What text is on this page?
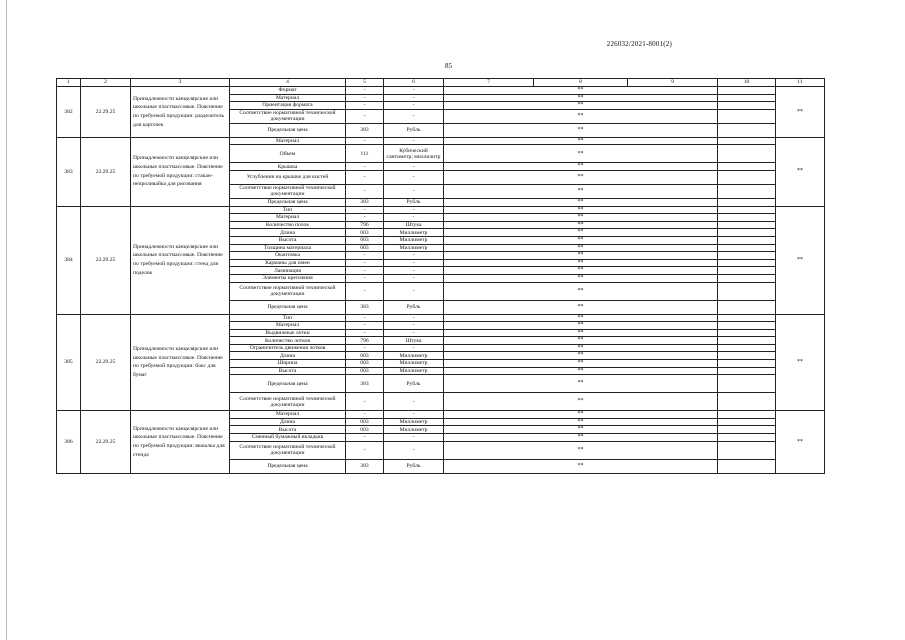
226032/2021-8001(2)
85
1	2	3	4	5	6	7	8	9	10	11
382	22.29.25	Принадлежности канцелярские или школьные пластмассовые. Пояснение по требуемой продукции: разделитель для карточек	Формат	-	-	**				**
			Материал	-	-	**				
			Ориентация формата	-	-	**				
			Соответствие нормативной технической документации	-	-	**				
			Предельная цена	383	Рубль	**				
383	22.29.25	Принадлежности канцелярские или школьные пластмассовые. Пояснение по требуемой продукции: стакан-непроливайка для рисования	Материал	-	-	**				**
			Объем	111	Кубический сантиметр; миллилитр	**				
			Крышка	-	-	**				
			Углубления на крышке для кистей	-	-	**				
			Соответствие нормативной технической документации	-	-	**				
			Предельная цена	383	Рубль	**				
384	22.29.25	Принадлежности канцелярские или школьные пластмассовые. Пояснение по требуемой продукции: стенд для поделок	Тип	-	-	**				**
			Материал	-	-	**				
			Количество полок	796	Штука	**				
			Длина	003	Миллиметр	**				
			Высота	003	Миллиметр	**				
			Толщина материала	003	Миллиметр	**				
			Окантовка	-	-	**				
			Карманы для имен	-	-	**				
			Ламинация	-	-	**				
			Элементы крепления	-	-	**				
			Соответствие нормативной технической документации	-	-	**				
			Предельная цена	383	Рубль	**				
385	22.29.25	Принадлежности канцелярские или школьные пластмассовые. Пояснение по требуемой продукции: бокс для бумаг	Тип	-	-	**				**
			Материал	-	-	**				
			Выдвижные лотки	-	-	**				
			Количество лотков	796	Штука	**				
			Ограничитель движения лотков	-	-	**				
			Длина	003	Миллиметр	**				
			Ширина	003	Миллиметр	**				
			Высота	003	Миллиметр	**				
			Предельная цена	383	Рубль	**				
			Соответствие нормативной технической документации	-	-	**				
386	22.29.25	Принадлежности канцелярские или школьные пластмассовые. Пояснение по требуемой продукции: вешалка для стенда	Материал	-	-	**				**
			Длина	003	Миллиметр	**				
			Высота	003	Миллиметр	**				
			Сменный бумажный вкладыш	-	-	**				
			Соответствие нормативной технической документации	-	-	**				
			Предельная цена	383	Рубль	**				
